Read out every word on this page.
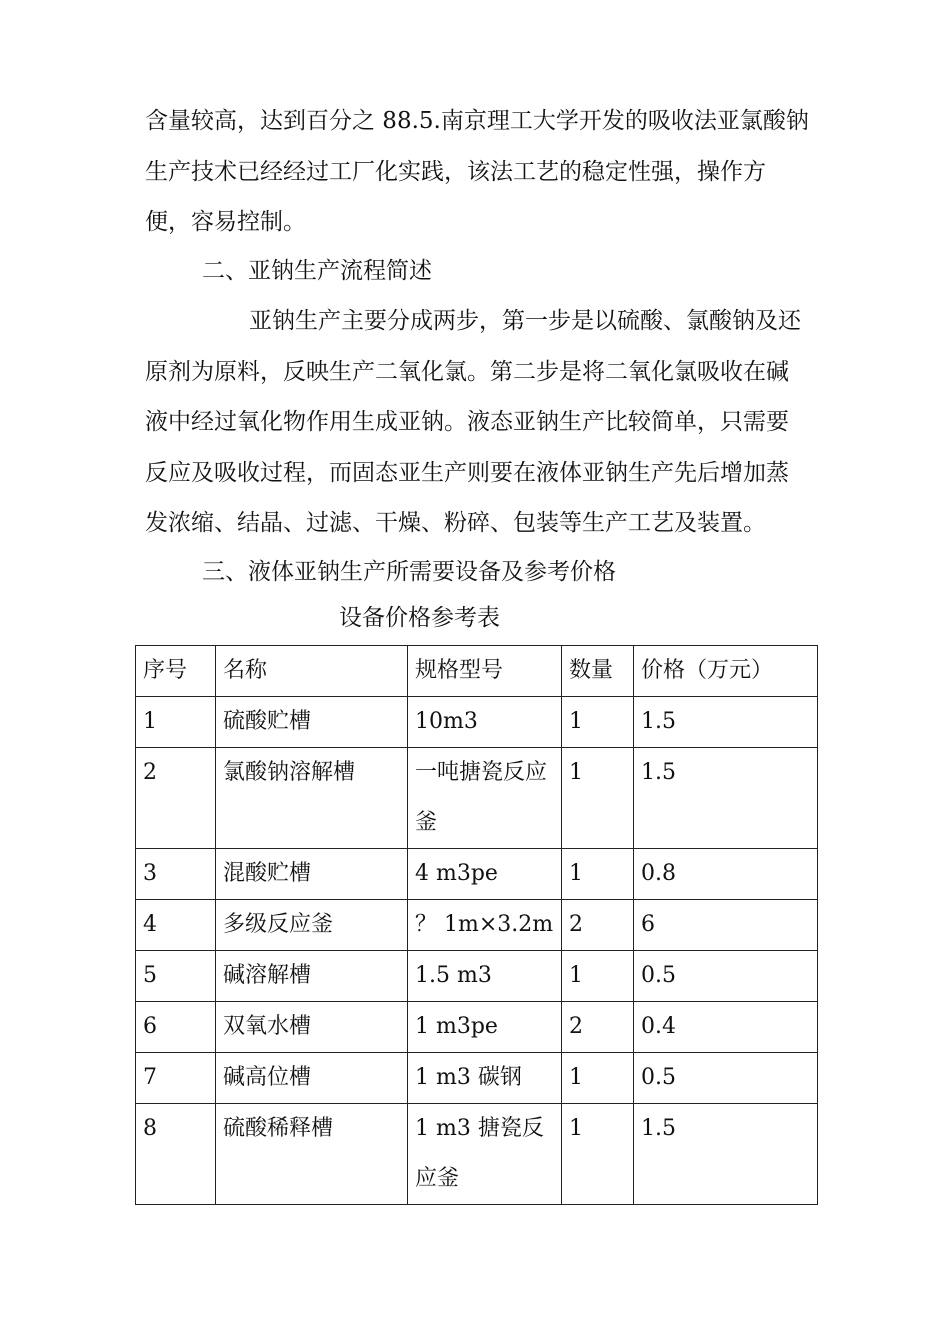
含量较高，达到百分之 88.5.南京理工大学开发的吸收法亚氯酸钠生产技术已经经过工厂化实践，该法工艺的稳定性强，操作方便，容易控制。

二、亚钠生产流程简述

亚钠生产主要分成两步，第一步是以硫酸、氯酸钠及还原剂为原料，反映生产二氧化氯。第二步是将二氧化氯吸收在碱液中经过氧化物作用生成亚钠。液态亚钠生产比较简单，只需要反应及吸收过程，而固态亚生产则要在液体亚钠生产先后增加蒸发浓缩、结晶、过滤、干燥、粉碎、包装等生产工艺及装置。

三、液体亚钠生产所需要设备及参考价格

设备价格参考表
序号	名称	规格型号	数量	价格（万元）
1	硫酸贮槽	10m3	1	1.5
2	氯酸钠溶解槽	一吨搪瓷反应釜	1	1.5
3	混酸贮槽	4 m3pe	1	0.8
4	多级反应釜	？ 1m×3.2m	2	6
5	碱溶解槽	1.5 m3	1	0.5
6	双氧水槽	1 m3pe	2	0.4
7	碱高位槽	1 m3 碳钢	1	0.5
8	硫酸稀释槽	1 m3 搪瓷反应釜	1	1.5
